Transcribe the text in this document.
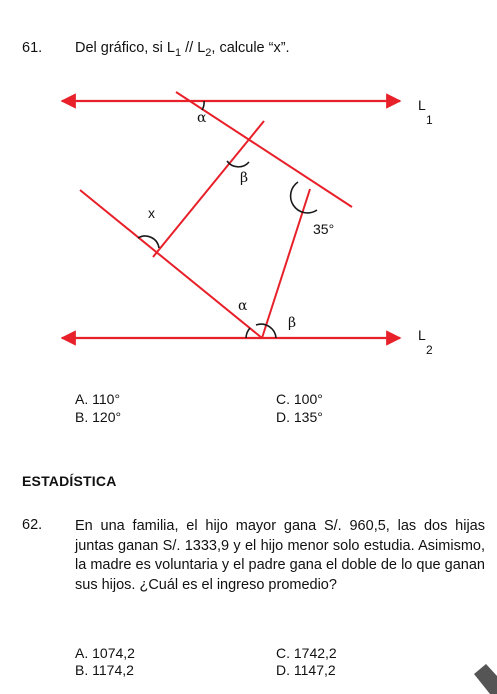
61. Del gráfico, si $L_1 // L_2$, calcule “x”.
L
1
L
2
α
β
x
35°
α
β
A. 110°
B. 120°
C. 100°
D. 135°
ESTADÍSTICA
62. En una familia, el hijo mayor gana S/. 960,5, las dos hijas juntas ganan S/. 1333,9 y el hijo menor solo estudia. Asimismo, la madre es voluntaria y el padre gana el doble de lo que ganan sus hijos. ¿Cuál es el ingreso promedio?
A. 1074,2
B. 1174,2
C. 1742,2
D. 1147,2
